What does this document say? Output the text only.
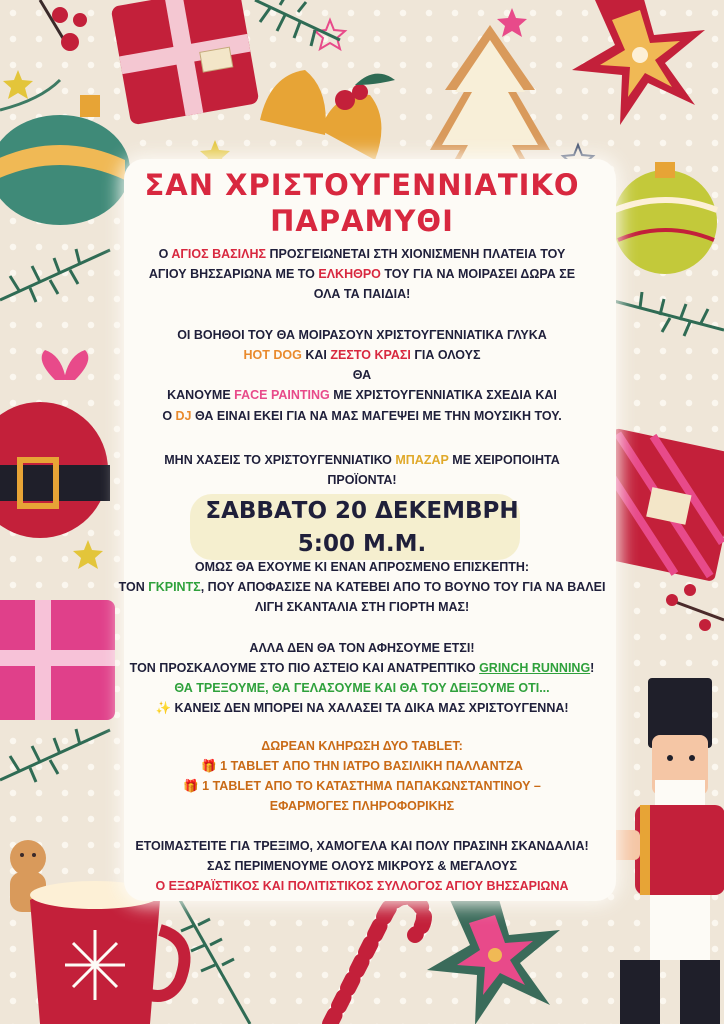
ΣΑΝ ΧΡΙΣΤΟΥΓΕΝΝΙΑΤΙΚΟ
ΠΑΡΑΜΥΘΙ

Ο ΑΓΙΟΣ ΒΑΣΙΛΗΣ ΠΡΟΣΓΕΙΩΝΕΤΑΙ ΣΤΗ ΧΙΟΝΙΣΜΕΝΗ ΠΛΑΤΕΙΑ ΤΟΥ

ΑΓΙΟΥ ΒΗΣΣΑΡΙΩΝΑ ΜΕ ΤΟ ΕΛΚΗΘΡΟ ΤΟΥ ΓΙΑ ΝΑ ΜΟΙΡΑΣΕΙ ΔΩΡΑ ΣΕ

ΟΛΑ ΤΑ ΠΑΙΔΙΑ!

ΟΙ ΒΟΗΘΟΙ ΤΟΥ ΘΑ ΜΟΙΡΑΣΟΥΝ ΧΡΙΣΤΟΥΓΕΝΝΙΑΤΙΚΑ ΓΛΥΚΑ

HOT DOG ΚΑΙ ΖΕΣΤΟ ΚΡΑΣΙ ΓΙΑ ΟΛΟΥΣ

ΘΑ

ΚΑΝΟΥΜΕ FACE PAINTING ΜΕ ΧΡΙΣΤΟΥΓΕΝΝΙΑΤΙΚΑ ΣΧΕΔΙΑ ΚΑΙ

Ο DJ ΘΑ ΕΙΝΑΙ ΕΚΕΙ ΓΙΑ ΝΑ ΜΑΣ ΜΑΓΕΨΕΙ ΜΕ ΤΗΝ ΜΟΥΣΙΚΗ ΤΟΥ.

ΜΗΝ ΧΑΣΕΙΣ ΤΟ ΧΡΙΣΤΟΥΓΕΝΝΙΑΤΙΚΟ ΜΠΑΖΑΡ ΜΕ ΧΕΙΡΟΠΟΙΗΤΑ

ΠΡΟΪΟΝΤΑ!

ΣΑΒΒΑΤΟ 20 ΔΕΚΕΜΒΡΗ

5:00 Μ.Μ.

ΟΜΩΣ ΘΑ ΕΧΟΥΜΕ ΚΙ ΕΝΑΝ ΑΠΡΟΣΜΕΝΟ ΕΠΙΣΚΕΠΤΗ:

ΤΟΝ ΓΚΡΙΝΤΣ, ΠΟΥ ΑΠΟΦΑΣΙΣΕ ΝΑ ΚΑΤΕΒΕΙ ΑΠΟ ΤΟ ΒΟΥΝΟ ΤΟΥ ΓΙΑ ΝΑ ΒΑΛΕΙ

ΛΙΓΗ ΣΚΑΝΤΑΛΙΑ ΣΤΗ ΓΙΟΡΤΗ ΜΑΣ!

ΑΛΛΑ ΔΕΝ ΘΑ ΤΟΝ ΑΦΗΣΟΥΜΕ ΕΤΣΙ!

ΤΟΝ ΠΡΟΣΚΑΛΟΥΜΕ ΣΤΟ ΠΙΟ ΑΣΤΕΙΟ ΚΑΙ ΑΝΑΤΡΕΠΤΙΚΟ GRINCH RUNNING!

ΘΑ ΤΡΕΞΟΥΜΕ, ΘΑ ΓΕΛΑΣΟΥΜΕ ΚΑΙ ΘΑ ΤΟΥ ΔΕΙΞΟΥΜΕ ΟΤΙ...

✨ ΚΑΝΕΙΣ ΔΕΝ ΜΠΟΡΕΙ ΝΑ ΧΑΛΑΣΕΙ ΤΑ ΔΙΚΑ ΜΑΣ ΧΡΙΣΤΟΥΓΕΝΝΑ!

ΔΩΡΕΑΝ ΚΛΗΡΩΣΗ ΔΥΟ TABLET:

🎁 1 TABLET ΑΠΟ ΤΗΝ ΙΑΤΡΟ ΒΑΣΙΛΙΚΗ ΠΑΛΛΑΝΤΖΑ

🎁 1 TABLET ΑΠΟ ΤΟ ΚΑΤΑΣΤΗΜΑ ΠΑΠΑΚΩΝΣΤΑΝΤΙΝΟΥ –

ΕΦΑΡΜΟΓΕΣ ΠΛΗΡΟΦΟΡΙΚΗΣ

ΕΤΟΙΜΑΣΤΕΙΤΕ ΓΙΑ ΤΡΕΞΙΜΟ, ΧΑΜΟΓΕΛΑ ΚΑΙ ΠΟΛΥ ΠΡΑΣΙΝΗ ΣΚΑΝΔΑΛΙΑ!

ΣΑΣ ΠΕΡΙΜΕΝΟΥΜΕ ΟΛΟΥΣ ΜΙΚΡΟΥΣ & ΜΕΓΑΛΟΥΣ

Ο ΕΞΩΡΑΪΣΤΙΚΟΣ ΚΑΙ ΠΟΛΙΤΙΣΤΙΚΟΣ ΣΥΛΛΟΓΟΣ ΑΓΙΟΥ ΒΗΣΣΑΡΙΩΝΑ
